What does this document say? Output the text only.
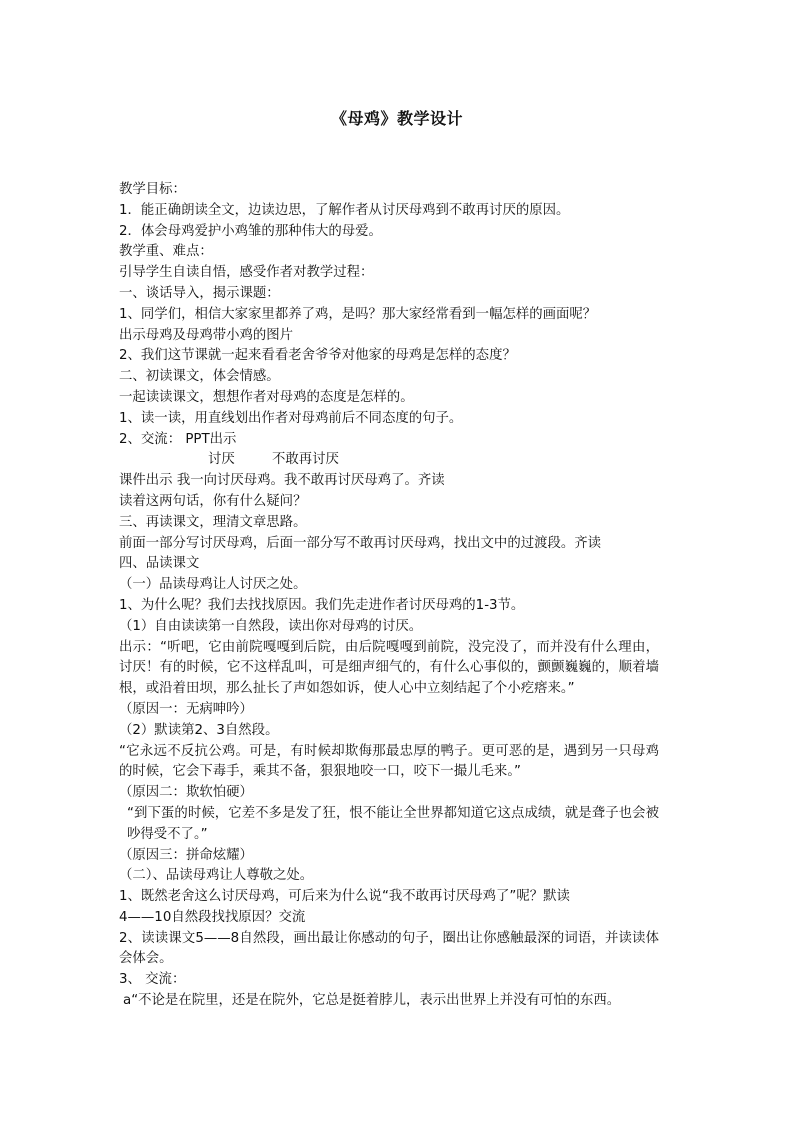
《母鸡》教学设计
教学目标：
1．能正确朗读全文，边读边思，了解作者从讨厌母鸡到不敢再讨厌的原因。
2．体会母鸡爱护小鸡雏的那种伟大的母爱。
教学重、难点：
引导学生自读自悟，感受作者对教学过程：
一、谈话导入，揭示课题：
1、同学们，相信大家家里都养了鸡，是吗？那大家经常看到一幅怎样的画面呢？
出示母鸡及母鸡带小鸡的图片
2、我们这节课就一起来看看老舍爷爷对他家的母鸡是怎样的态度？
二、初读课文，体会情感。
一起读读课文，想想作者对母鸡的态度是怎样的。
1、读一读，用直线划出作者对母鸡前后不同态度的句子。
2、交流： PPT出示
讨厌	不敢再讨厌
课件出示 我一向讨厌母鸡。我不敢再讨厌母鸡了。齐读
读着这两句话，你有什么疑问？
三、再读课文，理清文章思路。
前面一部分写讨厌母鸡，后面一部分写不敢再讨厌母鸡，找出文中的过渡段。齐读
四、品读课文
（一）品读母鸡让人讨厌之处。
1、为什么呢？我们去找找原因。我们先走进作者讨厌母鸡的1-3节。
（1）自由读读第一自然段，读出你对母鸡的讨厌。
出示：“听吧，它由前院嘎嘎到后院，由后院嘎嘎到前院，没完没了，而并没有什么理由，讨厌！有的时候，它不这样乱叫，可是细声细气的，有什么心事似的，颤颤巍巍的，顺着墙根，或沿着田坝，那么扯长了声如怨如诉，使人心中立刻结起了个小疙瘩来。”
（原因一：无病呻吟）
（2）默读第2、3自然段。
“它永远不反抗公鸡。可是，有时候却欺侮那最忠厚的鸭子。更可恶的是，遇到另一只母鸡的时候，它会下毒手，乘其不备，狠狠地咬一口，咬下一撮儿毛来。”
（原因二：欺软怕硬）
“到下蛋的时候，它差不多是发了狂，恨不能让全世界都知道它这点成绩，就是聋子也会被吵得受不了。”
（原因三：拼命炫耀）
（二）、品读母鸡让人尊敬之处。
1、既然老舍这么讨厌母鸡，可后来为什么说“我不敢再讨厌母鸡了”呢？默读
4——10自然段找找原因？交流
2、读读课文5——8自然段，画出最让你感动的句子，圈出让你感触最深的词语，并读读体会体会。
3、 交流：
a“不论是在院里，还是在院外，它总是挺着脖儿，表示出世界上并没有可怕的东西。
